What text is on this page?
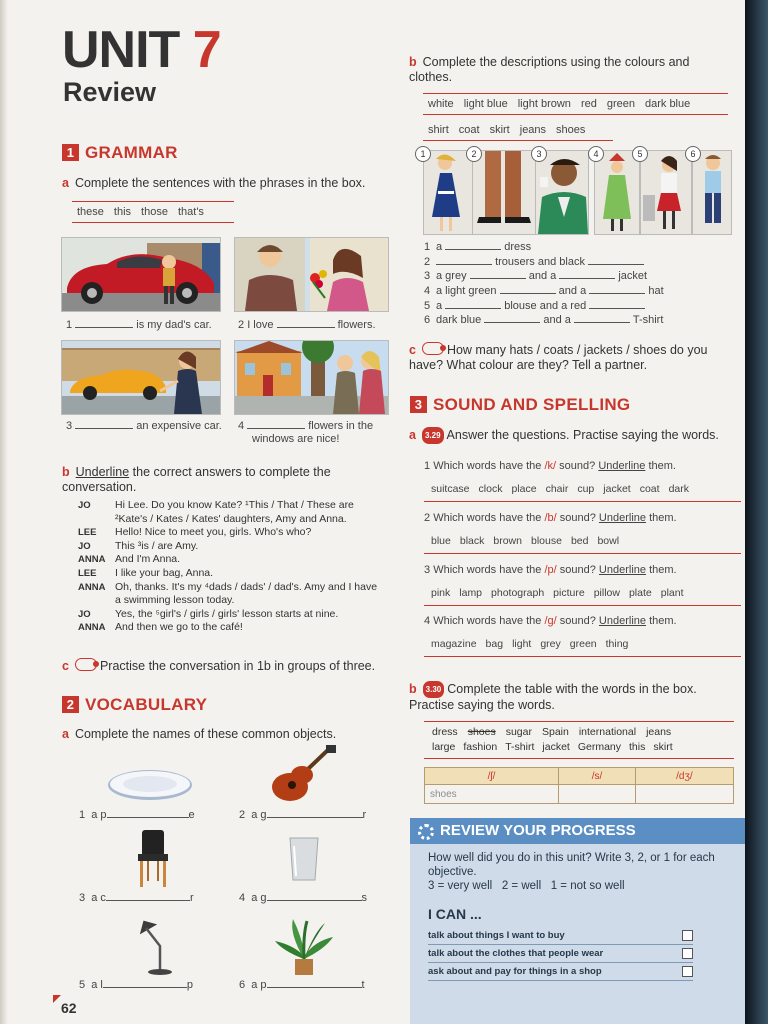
UNIT 7
Review
1 GRAMMAR
a Complete the sentences with the phrases in the box.
these this those that's
1	is my dad's car.	2 I love	flowers.
3	an expensive car.	4	flowers in the
windows are nice!
b Underline the correct answers to complete the conversation.
JO	Hi Lee. Do you know Kate? ¹This / That / These are ²Kate's / Kates / Kates' daughters, Amy and Anna.
LEE	Hello! Nice to meet you, girls. Who's who?
JO	This ³is / are Amy.
ANNA And I'm Anna.
LEE	I like your bag, Anna.
ANNA Oh, thanks. It's my ⁴dads / dads' / dad's. Amy and I have a swimming lesson today.
JO	Yes, the ⁵girl's / girls / girls' lesson starts at nine.
ANNA And then we go to the café!
c Practise the conversation in 1b in groups of three.
2 VOCABULARY
a Complete the names of these common objects.
1 a p	e	2 a g	r
3 a c	r	4 a g	s
5 a l	p	6 a p	t
62
b Complete the descriptions using the colours and clothes.
white light blue light brown red green dark blue
shirt coat skirt jeans shoes
1	2	3	4	5	6
1 a	dress
2	trousers and black
3 a grey	and a	jacket
4 a light green	and a	hat
5 a	blouse and a red
6 dark blue	and a	T-shirt
c How many hats / coats / jackets / shoes do you have? What colour are they? Tell a partner.
3 SOUND AND SPELLING
a 3.29 Answer the questions. Practise saying the words.
1 Which words have the /k/ sound? Underline them.
suitcase clock place chair cup jacket coat dark
2 Which words have the /b/ sound? Underline them.
blue black brown blouse bed bowl
3 Which words have the /p/ sound? Underline them.
pink lamp photograph picture pillow plate plant
4 Which words have the /g/ sound? Underline them.
magazine bag light grey green thing
b 3.30 Complete the table with the words in the box. Practise saying the words.
dress shoes sugar Spain international jeans
large fashion T-shirt jacket Germany this skirt
/ʃ/	/s/	/dʒ/
shoes		
REVIEW YOUR PROGRESS
How well did you do in this unit? Write 3, 2, or 1 for each objective.
3 = very well   2 = well   1 = not so well
I CAN ...
talk about things I want to buy
talk about the clothes that people wear
ask about and pay for things in a shop
